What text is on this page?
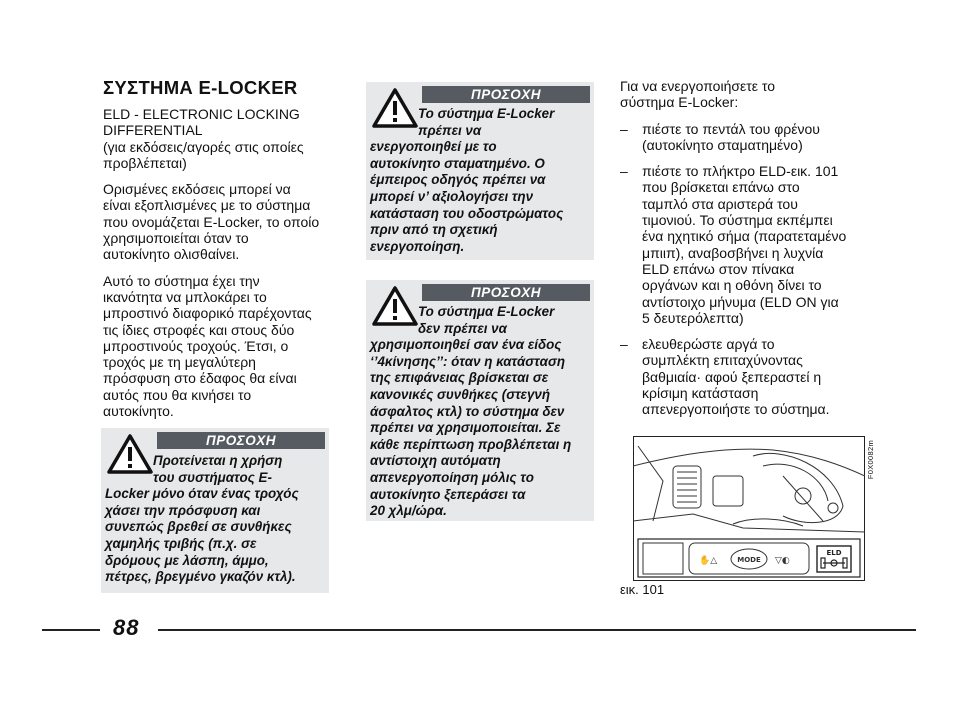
ΣΥΣΤΗΜΑ E-LOCKER

ELD - ELECTRONIC LOCKING
DIFFERENTIAL
(για εκδόσεις/αγορές στις οποίες
προβλέπεται)

Ορισμένες εκδόσεις μπορεί να
είναι εξοπλισμένες με το σύστημα
που ονομάζεται E-Locker, το οποίο
χρησιμοποιείται όταν το
αυτοκίνητο ολισθαίνει.

Αυτό το σύστημα έχει την
ικανότητα να μπλοκάρει το
μπροστινό διαφορικό παρέχοντας
τις ίδιες στροφές και στους δύο
μπροστινούς τροχούς. Έτσι, ο
τροχός με τη μεγαλύτερη
πρόσφυση στο έδαφος θα είναι
αυτός που θα κινήσει το
αυτοκίνητο.

ΠΡΟΣΟΧΗ
Προτείνεται η χρήση
του συστήματος E-
Locker μόνο όταν ένας τροχός
χάσει την πρόσφυση και
συνεπώς βρεθεί σε συνθήκες
χαμηλής τριβής (π.χ. σε
δρόμους με λάσπη, άμμο,
πέτρες, βρεγμένο γκαζόν κτλ).
ΠΡΟΣΟΧΗ
Το σύστημα E-Locker
πρέπει να
ενεργοποιηθεί με το
αυτοκίνητο σταματημένο. Ο
έμπειρος οδηγός πρέπει να
μπορεί ν’ αξιολογήσει την
κατάσταση του οδοστρώματος
πριν από τη σχετική
ενεργοποίηση.
ΠΡΟΣΟΧΗ
Το σύστημα E-Locker
δεν πρέπει να
χρησιμοποιηθεί σαν ένα είδος
‘’4κίνησης’’: όταν η κατάσταση
της επιφάνειας βρίσκεται σε
κανονικές συνθήκες (στεγνή
άσφαλτος κτλ) το σύστημα δεν
πρέπει να χρησιμοποιείται. Σε
κάθε περίπτωση προβλέπεται η
αντίστοιχη αυτόματη
απενεργοποίηση μόλις το
αυτοκίνητο ξεπεράσει τα
20 χλμ/ώρα.

Για να ενεργοποιήσετε το
σύστημα E-Locker:

–	πιέστε το πεντάλ του φρένου
(αυτοκίνητο σταματημένο)
–	πιέστε το πλήκτρο ELD-εικ. 101
που βρίσκεται επάνω στο
ταμπλό στα αριστερά του
τιμονιού. Το σύστημα εκπέμπει
ένα ηχητικό σήμα (παρατεταμένο
μπιιπ), αναβοσβήνει η λυχνία
ELD επάνω στον πίνακα
οργάνων και η οθόνη δίνει το
αντίστοιχο μήνυμα (ELD ON για
5 δευτερόλεπτα)
–	ελευθερώστε αργά το
συμπλέκτη επιταχύνοντας
βαθμιαία· αφού ξεπεραστεί η
κρίσιμη κατάσταση
απενεργοποιήστε το σύστημα.
✋△	MODE ▽◐
ELD
F0X0082m
εικ. 101
88
